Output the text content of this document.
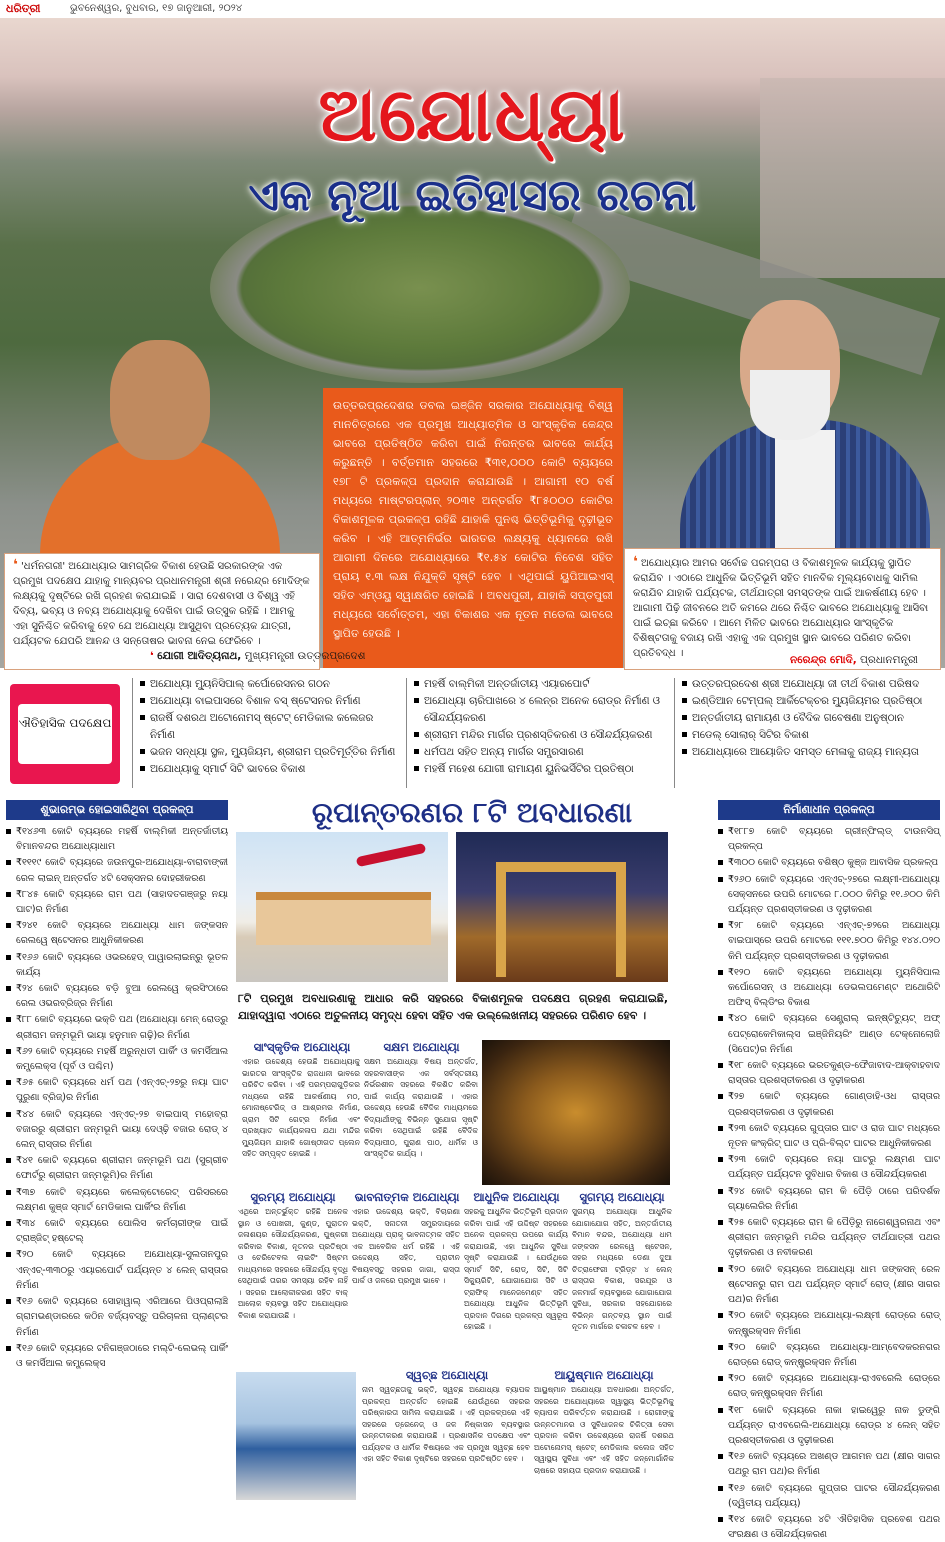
ଧରିତ୍ରୀ	ଭୁବନେଶ୍ୱର, ବୁଧବାର, ୧୭ ଜାନୁଆରୀ, ୨୦୨୪
ଅଯୋଧ୍ୟା
ଏକ ନୂଆ ଇତିହାସର ରଚନା
ଉତ୍ତରପ୍ରଦେଶର ଡବଲ ଇଞ୍ଜିନ ସରକାର ଅଯୋଧ୍ୟାକୁ ବିଶ୍ୱ ମାନଚିତ୍ରରେ ଏକ ପ୍ରମୁଖ ଆଧ୍ୟାତ୍ମିକ ଓ ସାଂସ୍କୃତିକ କେନ୍ଦ୍ର ଭାବରେ ପ୍ରତିଷ୍ଠିତ କରିବା ପାଇଁ ନିରନ୍ତର ଭାବରେ କାର୍ଯ୍ୟ କରୁଛନ୍ତି । ବର୍ତ୍ତମାନ ସହରରେ ₹୩୧,୦୦୦ କୋଟି ବ୍ୟୟରେ ୧୭୮ ଟି ପ୍ରକଳ୍ପ ପ୍ରଦାନ କରାଯାଉଛି । ଆଗାମୀ ୧୦ ବର୍ଷ ମଧ୍ୟରେ ମାଷ୍ଟରପ୍ଲାନ୍ ୨୦୩୧ ଅନ୍ତର୍ଗତ ₹୮୫୦୦୦ କୋଟିର ବିକାଶମୂଳକ ପ୍ରକଳ୍ପ ରହିଛି ଯାହାକି ପୁନଶ୍ଚ ଭିତ୍ତିଭୂମିକୁ ଦୃଢ଼ୀଭୂତ କରିବ । ଏହି ଆତ୍ମନିର୍ଭର ଭାରତର ଲକ୍ଷ୍ୟକୁ ଧ୍ୟାନରେ ରଖି ଆଗାମୀ ଦିନରେ ଅଯୋଧ୍ୟାରେ ₹୧.୫୪ କୋଟିର ନିବେଶ ସହିତ ପ୍ରାୟ ୧.୩ ଲକ୍ଷ ନିଯୁକ୍ତି ସୃଷ୍ଟି ହେବ । ଏଥିପାଇଁ ୟୁପିଆଇଏସ୍ ସହିତ ଏମ୍ଓୟୁ ସ୍ୱାକ୍ଷରିତ ହୋଇଛି । ଅବଧପୁରୀ, ଯାହାକି ସପ୍ତପୁରୀ ମଧ୍ୟରେ ସର୍ବୋତ୍ତମ, ଏହା ବିକାଶର ଏକ ନୂତନ ମଡେଲ ଭାବରେ ସ୍ଥାପିତ ହେଉଛି ।
❛ 'ଧର୍ମନଗରୀ' ଅଯୋଧ୍ୟାର ସାମଗ୍ରିକ ବିକାଶ ହେଉଛି ସରକାରଙ୍କ ଏକ ପ୍ରମୁଖ ପଦକ୍ଷେପ ଯାହାକୁ ମାନ୍ୟବର ପ୍ରଧାନମନ୍ତ୍ରୀ ଶ୍ରୀ ନରେନ୍ଦ୍ର ମୋଦିଙ୍କ ଲକ୍ଷ୍ୟକୁ ଦୃଷ୍ଟିରେ ରଖି ଗ୍ରହଣ କରାଯାଇଛି । ସାରା ଦେଶବାସୀ ଓ ବିଶ୍ୱ ଏହି ଦିବ୍ୟ, ଭବ୍ୟ ଓ ନବ୍ୟ ଅଯୋଧ୍ୟାକୁ ଦେଖିବା ପାଇଁ ଉତ୍ସୁକ ରହିଛି । ଆମକୁ ଏହା ସୁନିଶ୍ଚିତ କରିବାକୁ ହେବ ଯେ ଅଯୋଧ୍ୟା ଆସୁଥିବା ପ୍ରତ୍ୟେକ ଯାତ୍ରୀ, ପର୍ଯ୍ୟଟକ ଯେପରି ଆନନ୍ଦ ଓ ସନ୍ତୋଷର ଭାବନା ନେଇ ଫେରିବେ ।
❛ ଯୋଗୀ ଆଦିତ୍ୟନାଥ, ମୁଖ୍ୟମନ୍ତ୍ରୀ ଉତ୍ତରପ୍ରଦେଶ
❛ ଅଯୋଧ୍ୟାର ଆମର ସର୍ବୋଚ୍ଚ ପରମ୍ପରା ଓ ବିକାଶମୂଳକ କାର୍ଯ୍ୟକୁ ସ୍ଥାପିତ କରାଯିବ । ଏଠାରେ ଆଧୁନିକ ଭିତ୍ତିଭୂମି ସହିତ ମାନବିକ ମୂଲ୍ୟବୋଧକୁ ସାମିଲ କରାଯିବ ଯାହାକି ପର୍ଯ୍ୟଟକ, ତୀର୍ଥଯାତ୍ରୀ ସମସ୍ତଙ୍କ ପାଇଁ ଆକର୍ଷଣୀୟ ହେବ । ଆଗାମୀ ପିଢ଼ି ଜୀବନରେ ଅତି କମରେ ଥରେ ନିଶ୍ଚିତ ଭାବରେ ଅଯୋଧ୍ୟାକୁ ଆସିବା ପାଇଁ ଇଚ୍ଛା କରିବେ । ଆମେ ମିଳିତ ଭାବରେ ଅଯୋଧ୍ୟାର ସାଂସ୍କୃତିକ ବିଶିଷ୍ଟତାକୁ ବଜାୟ ରଖି ଏହାକୁ ଏକ ପ୍ରମୁଖ ସ୍ଥାନ ଭାବରେ ପରିଣତ କରିବା ପ୍ରତିବଦ୍ଧ ।
ନରେନ୍ଦ୍ର ମୋଦି, ପ୍ରଧାନମନ୍ତ୍ରୀ
ଐତିହାସିକ ପଦକ୍ଷେପ
ଅଯୋଧ୍ୟା ମ୍ୟୁନିସିପାଲ୍ କର୍ପୋରେସନର ଗଠନ
ଅଯୋଧ୍ୟା ବାଇପାସରେ ବିଶାଳ ବସ୍ ଷ୍ଟେସନର ନିର୍ମାଣ
ରାଜର୍ଷି ଦଶରଥ ଅଟୋନୋମସ୍ ଷ୍ଟେଟ୍ ମେଡିକାଲ କଲେଜର ନିର୍ମାଣ
ଭଜନ ସନ୍ଧ୍ୟା ସ୍ଥଳ, ମ୍ୟୁଜିୟମ, ଶ୍ରୀରାମ ପ୍ରତିମୂର୍ତ୍ତିର ନିର୍ମାଣ
ଅଯୋଧ୍ୟାକୁ ସ୍ମାର୍ଟ ସିଟି ଭାବରେ ବିକାଶ
ମହର୍ଷି ବାଲ୍ମିକୀ ଅନ୍ତର୍ଜାତୀୟ ଏୟାରପୋର୍ଟ
ଅଯୋଧ୍ୟା ଚାରିପାଖରେ ୪ ଲେନ୍‌ର ଅନେକ ରୋଡ୍‌ର ନିର୍ମାଣ ଓ ସୌନ୍ଦର୍ଯ୍ୟକରଣ
ଶ୍ରୀରାମ ମନ୍ଦିର ମାର୍ଗର ପ୍ରଶସ୍ତିକରଣ ଓ ସୌନ୍ଦର୍ଯ୍ୟକରଣ
ଧର୍ମପଥ ସହିତ ଅନ୍ୟ ମାର୍ଗର ସମ୍ପ୍ରସାରଣ
ମହର୍ଷି ମହେଶ ଯୋଗୀ ରାମାୟଣ ୟୁନିଭର୍ସିଟିର ପ୍ରତିଷ୍ଠା
ଉତ୍ତରପ୍ରଦେଶ ଶ୍ରୀ ଅଯୋଧ୍ୟା ଜୀ ତୀର୍ଥ ବିକାଶ ପରିଷଦ
ଇଣ୍ଡିଆନ ଟେମ୍ପଲ୍ ଆର୍କିଟେକ୍ଚର ମ୍ୟୁଜିୟମର ପ୍ରତିଷ୍ଠା
ଅନ୍ତର୍ଜାତୀୟ ରାମାୟଣ ଓ ବୈଦିକ ଗବେଷଣା ଅନୁଷ୍ଠାନ
ମଡେଲ୍ ସୋଲାର୍ ସିଟିର ବିକାଶ
ଅଯୋଧ୍ୟାରେ ଆୟୋଜିତ ସମସ୍ତ ମେଳାକୁ ରାଜ୍ୟ ମାନ୍ୟତା
ଶୁଭାରମ୍ଭ ହୋଇସାରିଥିବା ପ୍ରକଳ୍ପ
₹୧୪୬୩ କୋଟି ବ୍ୟୟରେ ମହର୍ଷି ବାଲ୍ମିକୀ ଅନ୍ତର୍ଜାତୀୟ ବିମାନବନ୍ଦର ଅଯୋଧ୍ୟାଧାମ
₹୧୧୧୯ କୋଟି ବ୍ୟୟରେ ଜଉନପୁର-ଅଯୋଧ୍ୟା-ବାରାବାଙ୍କୀ ରେଳ ଲାଇନ୍ ଅନ୍ତର୍ଗତ ୪ଟି ସେକ୍ସନର ଦୋହରୀକରଣ
₹୮୪୫ କୋଟି ବ୍ୟୟରେ ରାମ ପଥ (ସାହାଦତଗଞ୍ଜରୁ ନୟା ଘାଟ)ର ନିର୍ମାଣ
₹୨୪୧ କୋଟି ବ୍ୟୟରେ ଅଯୋଧ୍ୟା ଧାମ ଜଙ୍କସନ ରେଲୱେ ଷ୍ଟେସନର ଆଧୁନିକୀକରଣ
₹୧୬୬ କୋଟି ବ୍ୟୟରେ ଓଭରହେଡ୍ ପାୱାରଲାଇନ୍‌ରୁ ଭୂତଳ କାର୍ଯ୍ୟ
₹୨୪ କୋଟି ବ୍ୟୟରେ ବଡ଼ି ବୁଆ ରେଲୱେ କ୍ରସିଂଠାରେ ରେଲ ଓଭରବ୍ରିଜ୍‌ର ନିର୍ମାଣ
₹୮୮ କୋଟି ବ୍ୟୟରେ ଭକ୍ତି ପଥ (ଅଯୋଧ୍ୟା ମେନ୍ ରୋଡ୍‌ରୁ ଶ୍ରୀରାମ ଜନ୍ମଭୂମି ଭାୟା ହନୁମାନ ଗଢ଼ି)ର ନିର୍ମାଣ
₹୬୨ କୋଟି ବ୍ୟୟରେ ମହର୍ଷି ଅରୁନ୍ଧତୀ ପାର୍କିଂ ଓ କମର୍ସିଆଲ କମ୍ପ୍ଲେକ୍ସ (ପୂର୍ବ ଓ ପଶ୍ଚିମ)
₹୬୫ କୋଟି ବ୍ୟୟରେ ଧର୍ମ ପଥ (ଏନ୍‌ଏଚ୍-୨୭ରୁ ନୟା ଘାଟ ପୁରୁଣା ବ୍ରିଜ୍)ର ନିର୍ମାଣ
₹୪୪ କୋଟି ବ୍ୟୟରେ ଏନ୍‌ଏଚ୍-୨୭ ବାଇପାସ୍ ମହୋବ୍ରା ବଜାରରୁ ଶ୍ରୀରାମ ଜନ୍ମଭୂମି ଭାୟା ଦେଓ୍ଢ଼ି ବଜାର ରୋଡ୍ ୪ ଲେନ୍ ରାସ୍ତାର ନିର୍ମାଣ
₹୪୧ କୋଟି ବ୍ୟୟରେ ଶ୍ରୀରାମ ଜନ୍ମଭୂମି ପଥ (ସୁଗ୍ରୀବ ଫୋର୍ଟରୁ ଶ୍ରୀରାମ ଜନ୍ମଭୂମି)ର ନିର୍ମାଣ
₹୩୭ କୋଟି ବ୍ୟୟରେ କଲେକ୍ଟୋରେଟ୍ ପରିସରରେ ଲକ୍ଷ୍ମଣ କୁଞ୍ଜ ସ୍ମାର୍ଟ ମେଡିକାଲ ପାର୍କିଂର ନିର୍ମାଣ
₹୩୪ କୋଟି ବ୍ୟୟରେ ପୋଲିସ କର୍ମଚାରୀଙ୍କ ପାଇଁ ଟ୍ରାଞ୍ଜିଟ୍ ହଷ୍ଟେଲ୍
₹୨୦ କୋଟି ବ୍ୟୟରେ ଅଯୋଧ୍ୟା-ସୁଲତାନପୁର ଏନ୍‌ଏଚ୍-୩୩୦ରୁ ଏୟାରପୋର୍ଟ ପର୍ଯ୍ୟନ୍ତ ୪ ଲେନ୍ ରାସ୍ତାର ନିର୍ମାଣ
₹୧୬ କୋଟି ବ୍ୟୟରେ ସୋହାୱାଲ୍ ଏରିଆରେ ପିଓପ୍ରାଲାଞ୍ଚି ଗ୍ରାମଭଣ୍ଡାରରେ କଠିନ ବର୍ଜ୍ୟବସ୍ତୁ ପରିଚାଳନା ପ୍ଲାଣ୍ଟର ନିର୍ମାଣ
₹୧୬ କୋଟି ବ୍ୟୟରେ ଟନିଗଞ୍ଜଠାରେ ମଲ୍ଟି-ଲେଭଲ୍ ପାର୍କିଂ ଓ କମର୍ସିଆଲ କମ୍ପ୍ଲେକ୍ସ
ନିର୍ମାଣାଧୀନ ପ୍ରକଳ୍ପ
₹୧୮୮୭ କୋଟି ବ୍ୟୟରେ ଗ୍ରୀନ୍‌ଫିଲ୍ଡ୍ ଟାଉନସିପ୍ ପ୍ରକଳ୍ପ
₹୩୦୦ କୋଟି ବ୍ୟୟରେ ବଶିଷ୍ଠ କୁଞ୍ଜ ଆବାସିକ ପ୍ରକଳ୍ପ
₹୨୬୦ କୋଟି ବ୍ୟୟରେ ଏନ୍‌ଏଚ୍-୨୭ରେ ଲକ୍ଷ୍ମୀ-ଅଯୋଧ୍ୟା ସେକ୍ସନରେ ଉପରି ମୋଟରେ ୮.୦୦୦ କିମିରୁ ୧୧.୬୦୦ କିମି ପର୍ଯ୍ୟନ୍ତ ପ୍ରଶସ୍ତୀକରଣ ଓ ଦୃଢ଼ୀକରଣ
₹୨୮ କୋଟି ବ୍ୟୟରେ ଏନ୍‌ଏଚ୍-୭୨ରେ ଅଯୋଧ୍ୟା ବାଇପାସ୍‌ରେ ଉପରି ମୋଟରେ ୧୧୧.୭୦୦ କିମିରୁ ୧୪୪.୦୨୦ କିମି ପର୍ଯ୍ୟନ୍ତ ପ୍ରଶସ୍ତୀକରଣ ଓ ଦୃଢ଼ୀକରଣ
₹୧୨୦ କୋଟି ବ୍ୟୟରେ ଅଯୋଧ୍ୟା ମ୍ୟୁନିସିପାଲ କର୍ପୋରେସନ୍ ଓ ଅଯୋଧ୍ୟା ଡେଭଲପମେଣ୍ଟ ଅଥୋରିଟି ଅଫିସ୍ ବିଲ୍ଡିଂର ବିକାଶ
₹୪୦ କୋଟି ବ୍ୟୟରେ ସେଣ୍ଟ୍ରାଲ୍ ଇନ୍‌ଷ୍ଟିଚ୍ୟୁଟ୍ ଅଫ୍ ପେଟ୍ରୋକେମିକାଲ୍ସ ଇଞ୍ଜିନିୟରିଂ ଆଣ୍ଡ ଟେକ୍ନୋଲୋଜି (ସିପେଟ୍)ର ନିର୍ମାଣ
₹୧୮ କୋଟି ବ୍ୟୟରେ ଭରତକୁଣ୍ଡ-ଫୈଜାବାଦ-ଆକ୍ବାହବାଦ ରାସ୍ତାର ପ୍ରଶସ୍ତୀକରଣ ଓ ଦୃଢ଼ୀକରଣ
₹୨୭ କୋଟି ବ୍ୟୟରେ ଗୋଣ୍ଡାହି-ଓଧ ରାସ୍ତାର ପ୍ରଶସ୍ତୀକରଣ ଓ ଦୃଢ଼ୀକରଣ
₹୨୩ କୋଟି ବ୍ୟୟରେ ଗୁପ୍ତାର ଘାଟ ଓ ରାଜ ଘାଟ ମଧ୍ୟରେ ନୂତନ କଂକ୍ରିଟ୍ ଘାଟ ଓ ପ୍ରି-ବିଲ୍ଟ ଘାଟର ଆଧୁନିକୀକରଣ
₹୨୩ କୋଟି ବ୍ୟୟରେ ନୟା ଘାଟରୁ ଲକ୍ଷ୍ମଣ ଘାଟ ପର୍ଯ୍ୟନ୍ତ ପର୍ଯ୍ୟଟନ ସୁବିଧାର ବିକାଶ ଓ ସୌନ୍ଦର୍ଯ୍ୟକରଣ
₹୨୪ କୋଟି ବ୍ୟୟରେ ରାମ କି ପୈଡ଼ି ଠାରେ ପରିଦର୍ଶକ ଗ୍ୟାଲେରିର ନିର୍ମାଣ
₹୨୫ କୋଟି ବ୍ୟୟରେ ରାମ କି ପୈଡ଼ିରୁ ନାଗେଶ୍ୱରନାଥ ଏବଂ ଶ୍ରୀରାମ ଜନ୍ମଭୂମି ମନ୍ଦିର ପର୍ଯ୍ୟନ୍ତ ତୀର୍ଥଯାତ୍ରୀ ପଥର ଦୃଢ଼ୀକରଣ ଓ ନବୀକରଣ
₹୨୦ କୋଟି ବ୍ୟୟରେ ଅଯୋଧ୍ୟା ଧାମ ଜଙ୍କସନ୍ ରେଳ ଷ୍ଟେସନରୁ ରାମ ପଥ ପର୍ଯ୍ୟନ୍ତ ସ୍ମାର୍ଟ ରୋଡ୍ (କ୍ଷୀର ସାଗର ପଥ)ର ନିର୍ମାଣ
₹୨୦ କୋଟି ବ୍ୟୟରେ ଅଯୋଧ୍ୟା-ଲକ୍ଷ୍ମୀ ରୋଡ୍‌ରେ ରୋଡ୍ କନ୍‌ଷ୍ଟ୍ରକ୍ସନ ନିର୍ମାଣ
₹୨୦ କୋଟି ବ୍ୟୟରେ ଅଯୋଧ୍ୟା-ଆମ୍ବେଦକରନଗର ରୋଡ୍‌ରେ ରୋଡ୍ କନ୍‌ଷ୍ଟ୍ରକ୍ସନ ନିର୍ମାଣ
₹୨୦ କୋଟି ବ୍ୟୟରେ ଅଯୋଧ୍ୟା-ରାଏବରେଲି ରୋଡ୍‌ରେ ରୋଡ୍ କନ୍‌ଷ୍ଟ୍ରକ୍ସନ ନିର୍ମାଣ
₹୧୮ କୋଟି ବ୍ୟୟରେ ନାକା ହାଇୱେରୁ ନାକ ଡୁଙ୍ଗି ପର୍ଯ୍ୟନ୍ତ ରାଏବରେଲି-ଅଯୋଧ୍ୟା ରୋଡ୍‌ର ୪ ଲେନ୍ ସହିତ ପ୍ରଶସ୍ତୀକରଣ ଓ ଦୃଢ଼ୀକରଣ
₹୧୬ କୋଟି ବ୍ୟୟରେ ଅଖଣ୍ଡ ଆଗମନ ପଥ (କ୍ଷୀର ସାଗର ପଥରୁ ରାମ ପଥ)ର ନିର୍ମାଣ
₹୧୬ କୋଟି ବ୍ୟୟରେ ଗୁପ୍ତାର ଘାଟର ସୌନ୍ଦର୍ଯ୍ୟକରଣ (ଦ୍ୱିତୀୟ ପର୍ଯ୍ୟାୟ)
₹୧୪ କୋଟି ବ୍ୟୟରେ ୪ଟି ଐତିହାସିକ ପ୍ରବେଶ ପଥର ସଂରକ୍ଷଣ ଓ ସୌନ୍ଦର୍ଯ୍ୟକରଣ
ରୂପାନ୍ତରଣର ୮ଟି ଅବଧାରଣା
୮ଟି ପ୍ରମୁଖ ଅବଧାରଣାକୁ ଆଧାର କରି ସହରରେ ବିକାଶମୂଳକ ପଦକ୍ଷେପ ଗ୍ରହଣ କରାଯାଇଛି, ଯାହାଦ୍ୱାରା ଏଠାରେ ଅତୁଳନୀୟ ସମୃଦ୍ଧ ହେବା ସହିତ ଏକ ଉଲ୍ଲେଖନୀୟ ସହରରେ ପରିଣତ ହେବ ।
ସାଂସ୍କୃତିକ ଅଯୋଧ୍ୟା
ଏହାର ଉଦ୍ଦେଶ୍ୟ ହେଉଛି ଅଯୋଧ୍ୟାକୁ ଭାରତର ସାଂସ୍କୃତିକ ରାଜଧାନୀ ଭାବରେ ପରିଚିତ କରିବା । ଏହି ପରମ୍ପରାଗୁଡ଼ିକର ମଧ୍ୟରେ ରହିଛି ଆକର୍ଷଣୀୟ ମଠ, ମୋନାଷ୍ଟେରିଜ୍ ଓ ଆଶ୍ରମର ନିର୍ମାଣ, ଗ୍ରାମ ସିଟି ଗେଟ୍‌ର ନିର୍ମାଣ ଏବଂ ପ୍ରଖ୍ୟାତ କାର୍ଯ୍ୟକଳାପ ଯଥା ମନ୍ଦିର ମ୍ୟୁଜିୟମ ଯାହାକି ଗୋଷ୍ଠୀଗତ ପ୍ଲେନ ସହିତ ସମ୍ପୃକ୍ତ ହୋଇଛି ।
ସକ୍ଷମ ଅଯୋଧ୍ୟା
ସକ୍ଷମ ଅଯୋଧ୍ୟା ବିଷୟ ଅନ୍ତର୍ଗତ, ସହରବାସୀଙ୍କ ଏକ ସର୍ବସ୍ତରୀୟ ନିର୍ଭରଶୀଳ ସହରରେ ବିକଶିତ କରିବା ପାଇଁ କାର୍ଯ୍ୟ କରାଯାଉଛି । ଏହାର ଉଦ୍ଦେଶ୍ୟ ହେଉଛି ବୈଦିକ ମାଧ୍ୟମରେ ବିଦ୍ୟାର୍ଥୀଙ୍କୁ ବିଭିନ୍ନ ସୁଯୋଗ ସୃଷ୍ଟି କରିବା ସେଥିପାଇଁ ରହିଛି ବୈଦିକ ବିଦ୍ୟାପୀଠ, ପୁରାଣ ପାଠ, ଧାର୍ମିକ ଓ ସାଂସ୍କୃତିକ କାର୍ଯ୍ୟ ।
ସୁରମ୍ୟ ଅଯୋଧ୍ୟା
ଏଥିରେ ଅନ୍ତର୍ଭୁକ୍ତ ରହିଛି ଅନେକ ସ୍ଥାନ ଓ ପୋଖରୀ, କୁଣ୍ଡ, ପୁରାତନ ଜଳାଶୟର ସୌନ୍ଦର୍ଯ୍ୟକରଣ, ପୁଷ୍କରୀ କରିବାର ବିକାଶ, ନୂତନର ପ୍ରତିଷ୍ଠା ଓ ଚେରିଟେବଲ ଲାଇଟିଂ ସିଷ୍ଟମ ମାଧ୍ୟମରେ ସହରରେ ସୌନ୍ଦର୍ଯ୍ୟ ବୃଦ୍ଧି ସେଥିପାଇଁ ତାରର ସମସ୍ୟା ରହିବ ନାହିଁ । ସହରର ଆଲୋକୀକରଣ ସହିତ ବାକ୍ ଆଲୋକ ବ୍ୟବସ୍ଥା ସହିତ ଅଯୋଧ୍ୟାର ବିକାଶ କରାଯାଉଛି ।
ଭାବନାତ୍ମକ ଅଯୋଧ୍ୟା
ଏହାର ଉଦ୍ଦେଶ୍ୟ ଭକ୍ତି, ବିଚାରଣା ଭକ୍ତି, ସନାତନୀ ସମ୍ପ୍ରଦାୟରେ ଅଯୋଧ୍ୟା ପ୍ରାକୃ ଭାବନାତ୍ମକ ସହିତ ଏକ ଆବେଗିକ ଧର୍ମ ରହିଛି । ଏହି ଉଦ୍ଦେଶ୍ୟ ସହିତ, ପ୍ରାଚୀନ ବିଷୟବସ୍ତୁ ସହରର ଜାଗା, ରାସ୍ତା ପାର୍କ ଓ ଜଳରେ ପ୍ରମୁଖ ଭାବେ ।
ଆଧୁନିକ ଅଯୋଧ୍ୟା
ସହରକୁ ଆଧୁନିକ ଭିତ୍ତିଭୂମି ପ୍ରଦାନ କରିବା ପାଇଁ ଏହି ଉଦ୍ଦିଷ୍ଟ ସହରରେ ଅନେକ ପ୍ରକଳ୍ପ ଉପରେ କାର୍ଯ୍ୟ କରାଯାଉଛି, ଏହା ଆଧୁନିକ ସୁବିଧା ସୃଷ୍ଟି କରାଯାଉଛି । ଯେଉଁଥିରେ ସ୍ମାର୍ଟ ସିଟି, ରୋଡ୍, ସିଟି, ସିଟି ସିକ୍ୟୁରିଟି, ଯୋଗାଯୋଗ ସିଟି ଓ ଟ୍ରାଫିକ୍ ମାନେଜମେଣ୍ଟ ସହିତ ଅଯୋଧ୍ୟା ଆଧୁନିକ ଭିତ୍ତିଭୂମି ପ୍ରଦାନ ଦିଗରେ ପ୍ରକଳ୍ପ ସ୍ୱରୂପ ହୋଇଛି ।
ସୁଗମ୍ୟ ଅଯୋଧ୍ୟା
ସୁଗମ୍ୟ ଅଯୋଧ୍ୟା ଆଧୁନିକ ଯୋଗାଯୋଗ ସହିତ, ଅନ୍ତର୍ଜାତୀୟ ବିମାନ ବନ୍ଦର, ଅଯୋଧ୍ୟା ଧାମ ଜଙ୍କସନ ରେଳୱେ ଷ୍ଟେସନ, ସହର ମଧ୍ୟରେ ଡେଣା ଦୁଆ ଚିତ୍ରାଫେରୀ ଟ୍ରିଡ଼୍ଟ ୪ ଲେନ୍ ରାସ୍ତାର ବିକାଶ, ସରଯୂର ଓ ଜଳମାର୍ଗ ବ୍ୟବସ୍ଥାରେ ଯୋଗାଯୋଗ ସୁବିଧା, ସରକାର ସହଯୋଗରେ ବିଭିନ୍ନ ଗନ୍ତବ୍ୟ ସ୍ଥାନ ପାଇଁ ନୂତନ ମାର୍ଗରେ ଚଳାଚଳ ହେବ ।
ସ୍ୱଚ୍ଛ ଅଯୋଧ୍ୟା
ନାମ ସ୍ୱଚ୍ଛତାକୁ ଭକ୍ତି, ସ୍ୱଚ୍ଛ ଅଯୋଧ୍ୟା ବ୍ୟାପକ ପ୍ରକଳ୍ପ ଅନ୍ତର୍ଗତ ହୋଇଛି ଯେଉଁଥିରେ ସହରର ପରିଷ୍କାରତା ସାମିଲ କରାଯାଇଛି । ଏହି ପ୍ରକଳ୍ପରେ ଏହି ସହରରେ ଡ୍ରେନେଜ୍ ଓ ଜଳ ନିଷ୍କାସନ ବ୍ୟବସ୍ଥାର ଉନ୍ନତୀକରଣ କରାଯାଉଛି । ପ୍ରଶାସନିକ ପଦକ୍ଷେପ ଏବଂ ପର୍ଯ୍ୟଟକ ଓ ଧାର୍ମିକ ବିଷୟରେ ଏକ ପ୍ରମୁଖ ସ୍ୱଚ୍ଛ ହେବ ଏହା ସହିତ ବିକାଶ ଦୃଷ୍ଟିରେ ସହରରେ ପ୍ରତିଷ୍ଠିତ ହେବ ।
ଆୟୁଷ୍ମାନ ଅଯୋଧ୍ୟା
ଆୟୁଷ୍ମାନ ଅଯୋଧ୍ୟା ଅବଧାରଣା ଅନ୍ତର୍ଗତ, ସହରରେ ଅଯୋଧ୍ୟାରେ ସ୍ୱାସ୍ଥ୍ୟ ଭିତ୍ତିଭୂମିକୁ ବ୍ୟାପକ ପରିବର୍ତ୍ତନ କରାଯାଉଛି । ରୋଗୀଙ୍କୁ ଉନ୍ନତମାନର ଓ ସୁବିଧାଜନକ ଚିକିତ୍ସା ସେବା ପ୍ରଦାନ କରିବା ଉଦ୍ଦେଶ୍ୟରେ ରାଜର୍ଷି ଦଶରଥ ଅଟୋନୋମସ୍ ଷ୍ଟେଟ୍ ମେଡିକାଲ କଲେଜ ସହିତ ସ୍ୱାସ୍ଥ୍ୟ ସୁବିଧା ଏବଂ ଏହି ସହିତ ଜନ୍ମୋର୍ଗାନିକ ଚାଷରେ ସହାୟତା ପ୍ରଦାନ କରାଯାଉଛି ।
